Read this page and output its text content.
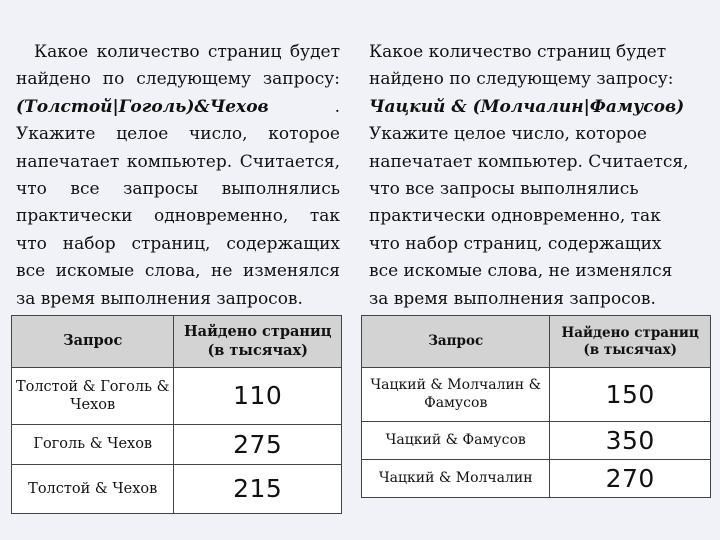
Какое количество страниц будет найдено по следующему запросу: (Толстой|Гоголь)&Чехов . Укажите целое число, которое напечатает компьютер. Считается, что все запросы выполнялись практически одновременно, так что набор страниц, содержащих все искомые слова, не изменялся за время выполнения запросов.

Какое количество страниц будет найдено по следующему запросу: Чацкий & (Молчалин|Фамусов) Укажите целое число, которое напечатает компьютер. Считается, что все запросы выполнялись практически одновременно, так что набор страниц, содержащих все искомые слова, не изменялся за время выполнения запросов.

Запрос	Найдено страниц (в тысячах)
Толстой & Гоголь & Чехов	110
Гоголь & Чехов	275
Толстой & Чехов	215
Запрос	Найдено страниц (в тысячах)
Чацкий & Молчалин & Фамусов	150
Чацкий & Фамусов	350
Чацкий & Молчалин	270
